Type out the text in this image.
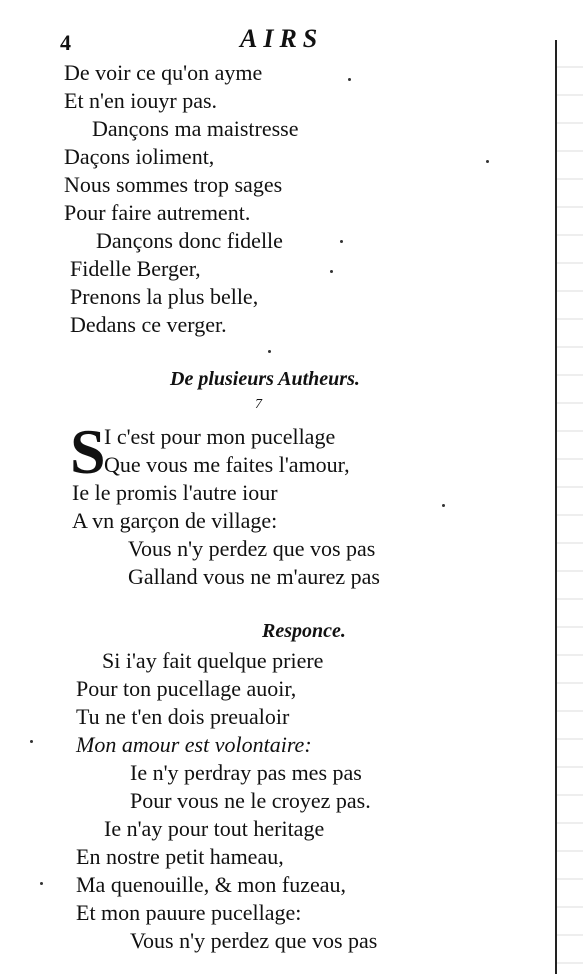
4	AIRS
De voir ce qu'on ayme
Et n'en iouyr pas.
Dançons ma maistresse
Daçons ioliment,
Nous sommes trop sages
Pour faire autrement.
Dançons donc fidelle
Fidelle Berger,
Prenons la plus belle,
Dedans ce verger.
De plusieurs Autheurs.
7
S
I c'est pour mon pucellage
Que vous me faites l'amour,
Ie le promis l'autre iour
A vn garçon de village:
Vous n'y perdez que vos pas
Galland vous ne m'aurez pas
Responce.
Si i'ay fait quelque priere
Pour ton pucellage auoir,
Tu ne t'en dois preualoir
Mon amour est volontaire:
Ie n'y perdray pas mes pas
Pour vous ne le croyez pas.
Ie n'ay pour tout heritage
En nostre petit hameau,
Ma quenouille, & mon fuzeau,
Et mon pauure pucellage:
Vous n'y perdez que vos pas
